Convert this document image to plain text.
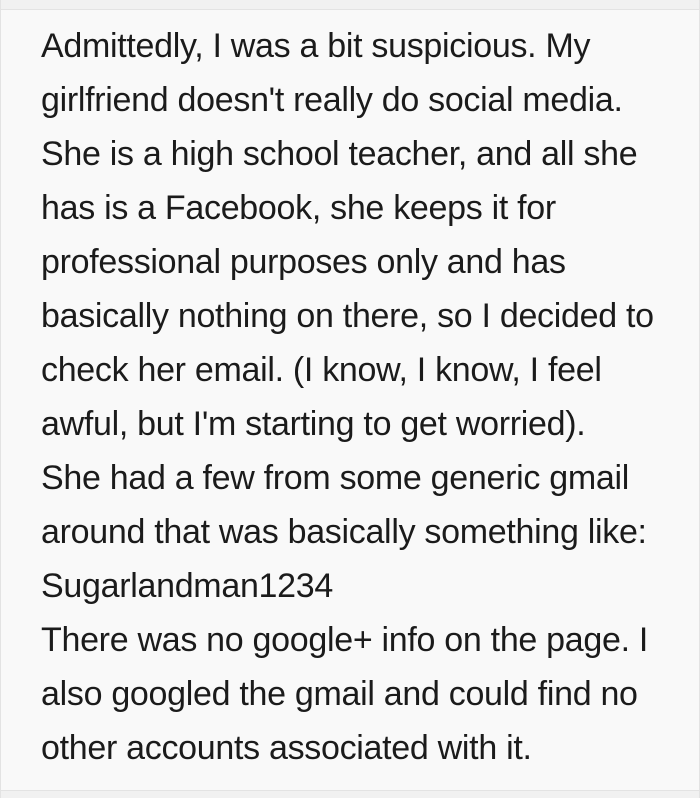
Admittedly, I was a bit suspicious. My
girlfriend doesn't really do social media.
She is a high school teacher, and all she
has is a Facebook, she keeps it for
professional purposes only and has
basically nothing on there, so I decided to
check her email. (I know, I know, I feel
awful, but I'm starting to get worried).
She had a few from some generic gmail
around that was basically something like:
Sugarlandman1234
There was no google+ info on the page. I
also googled the gmail and could find no
other accounts associated with it.
